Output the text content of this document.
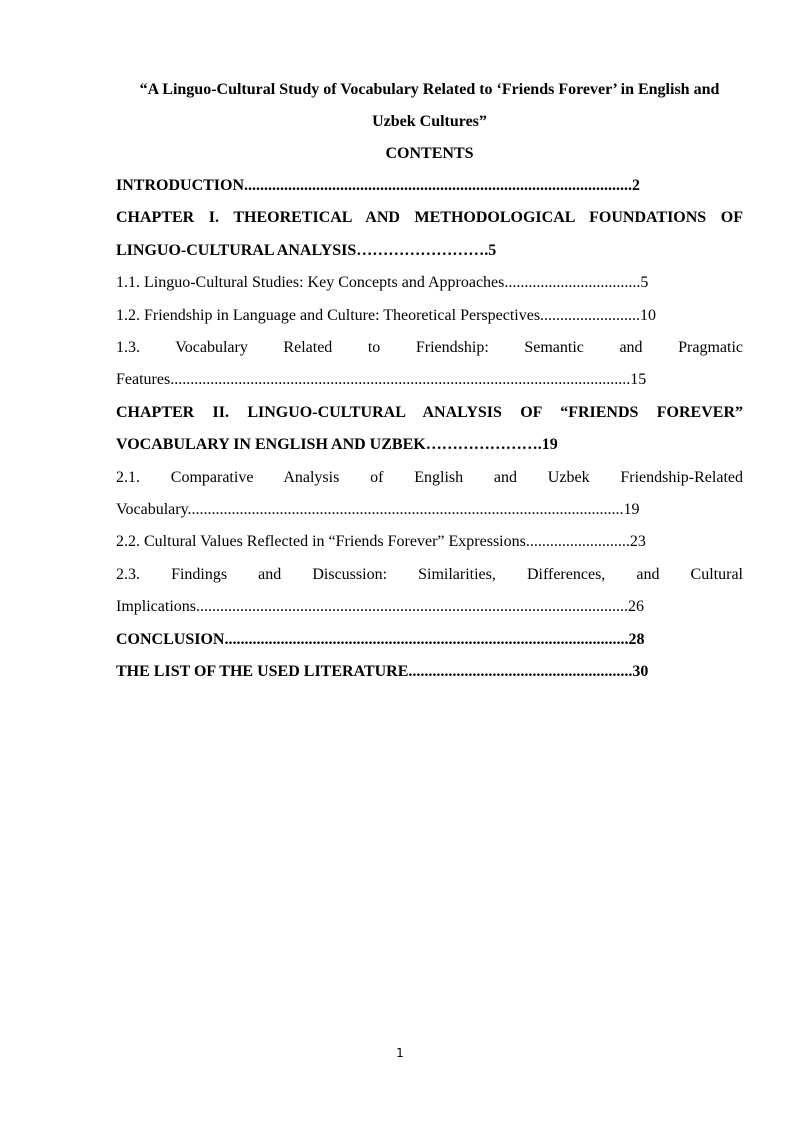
“A Linguo-Cultural Study of Vocabulary Related to ‘Friends Forever’ in English and Uzbek Cultures”

CONTENTS

INTRODUCTION.................................................................................................2

CHAPTER I. THEORETICAL AND METHODOLOGICAL FOUNDATIONS OF LINGUO-CULTURAL ANALYSIS…………………….5

1.1. Linguo-Cultural Studies: Key Concepts and Approaches..................................5

1.2. Friendship in Language and Culture: Theoretical Perspectives.........................10

1.3. Vocabulary Related to Friendship: Semantic and Pragmatic Features...................................................................................................................15

CHAPTER II. LINGUO-CULTURAL ANALYSIS OF “FRIENDS FOREVER” VOCABULARY IN ENGLISH AND UZBEK………………….19

2.1. Comparative Analysis of English and Uzbek Friendship-Related Vocabulary.............................................................................................................19

2.2. Cultural Values Reflected in “Friends Forever” Expressions..........................23

2.3. Findings and Discussion: Similarities, Differences, and Cultural Implications............................................................................................................26

CONCLUSION.....................................................................................................28

THE LIST OF THE USED LITERATURE........................................................30

1
